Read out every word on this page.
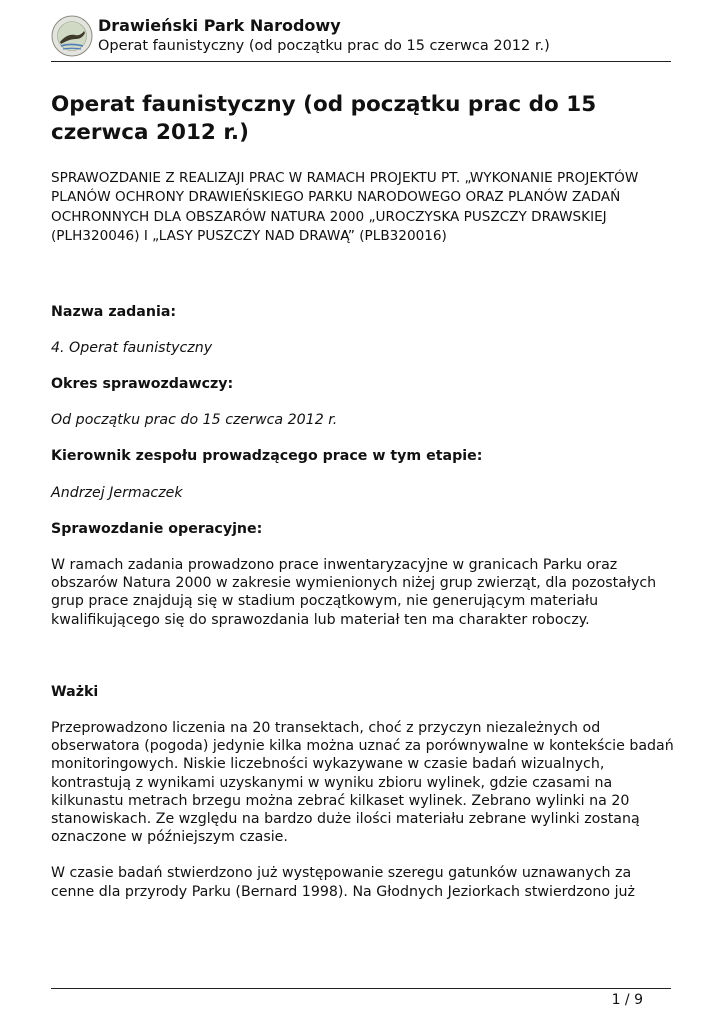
Drawieński Park Narodowy
Operat faunistyczny (od początku prac do 15 czerwca 2012 r.)
Operat faunistyczny (od początku prac do 15 czerwca 2012 r.)
SPRAWOZDANIE Z REALIZAJI PRAC W RAMACH PROJEKTU PT. „WYKONANIE PROJEKTÓW PLANÓW OCHRONY DRAWIEŃSKIEGO PARKU NARODOWEGO ORAZ PLANÓW ZADAŃ OCHRONNYCH DLA OBSZARÓW NATURA 2000 „UROCZYSKA PUSZCZY DRAWSKIEJ (PLH320046) I „LASY PUSZCZY NAD DRAWĄ” (PLB320016)

Nazwa zadania:

4. Operat faunistyczny

Okres sprawozdawczy:

Od początku prac do 15 czerwca 2012 r.

Kierownik zespołu prowadzącego prace w tym etapie:

Andrzej Jermaczek

Sprawozdanie operacyjne:

W ramach zadania prowadzono prace inwentaryzacyjne w granicach Parku oraz obszarów Natura 2000 w zakresie wymienionych niżej grup zwierząt, dla pozostałych grup prace znajdują się w stadium początkowym, nie generującym materiału kwalifikującego się do sprawozdania lub materiał ten ma charakter roboczy.

Ważki

Przeprowadzono liczenia na 20 transektach, choć z przyczyn niezależnych od obserwatora (pogoda) jedynie kilka można uznać za porównywalne w kontekście badań monitoringowych. Niskie liczebności wykazywane w czasie badań wizualnych, kontrastują z wynikami uzyskanymi w wyniku zbioru wylinek, gdzie czasami na kilkunastu metrach brzegu można zebrać kilkaset wylinek. Zebrano wylinki na 20 stanowiskach. Ze względu na bardzo duże ilości materiału zebrane wylinki zostaną oznaczone w późniejszym czasie.

W czasie badań stwierdzono już występowanie szeregu gatunków uznawanych za cenne dla przyrody Parku (Bernard 1998). Na Głodnych Jeziorkach stwierdzono już

1 / 9
